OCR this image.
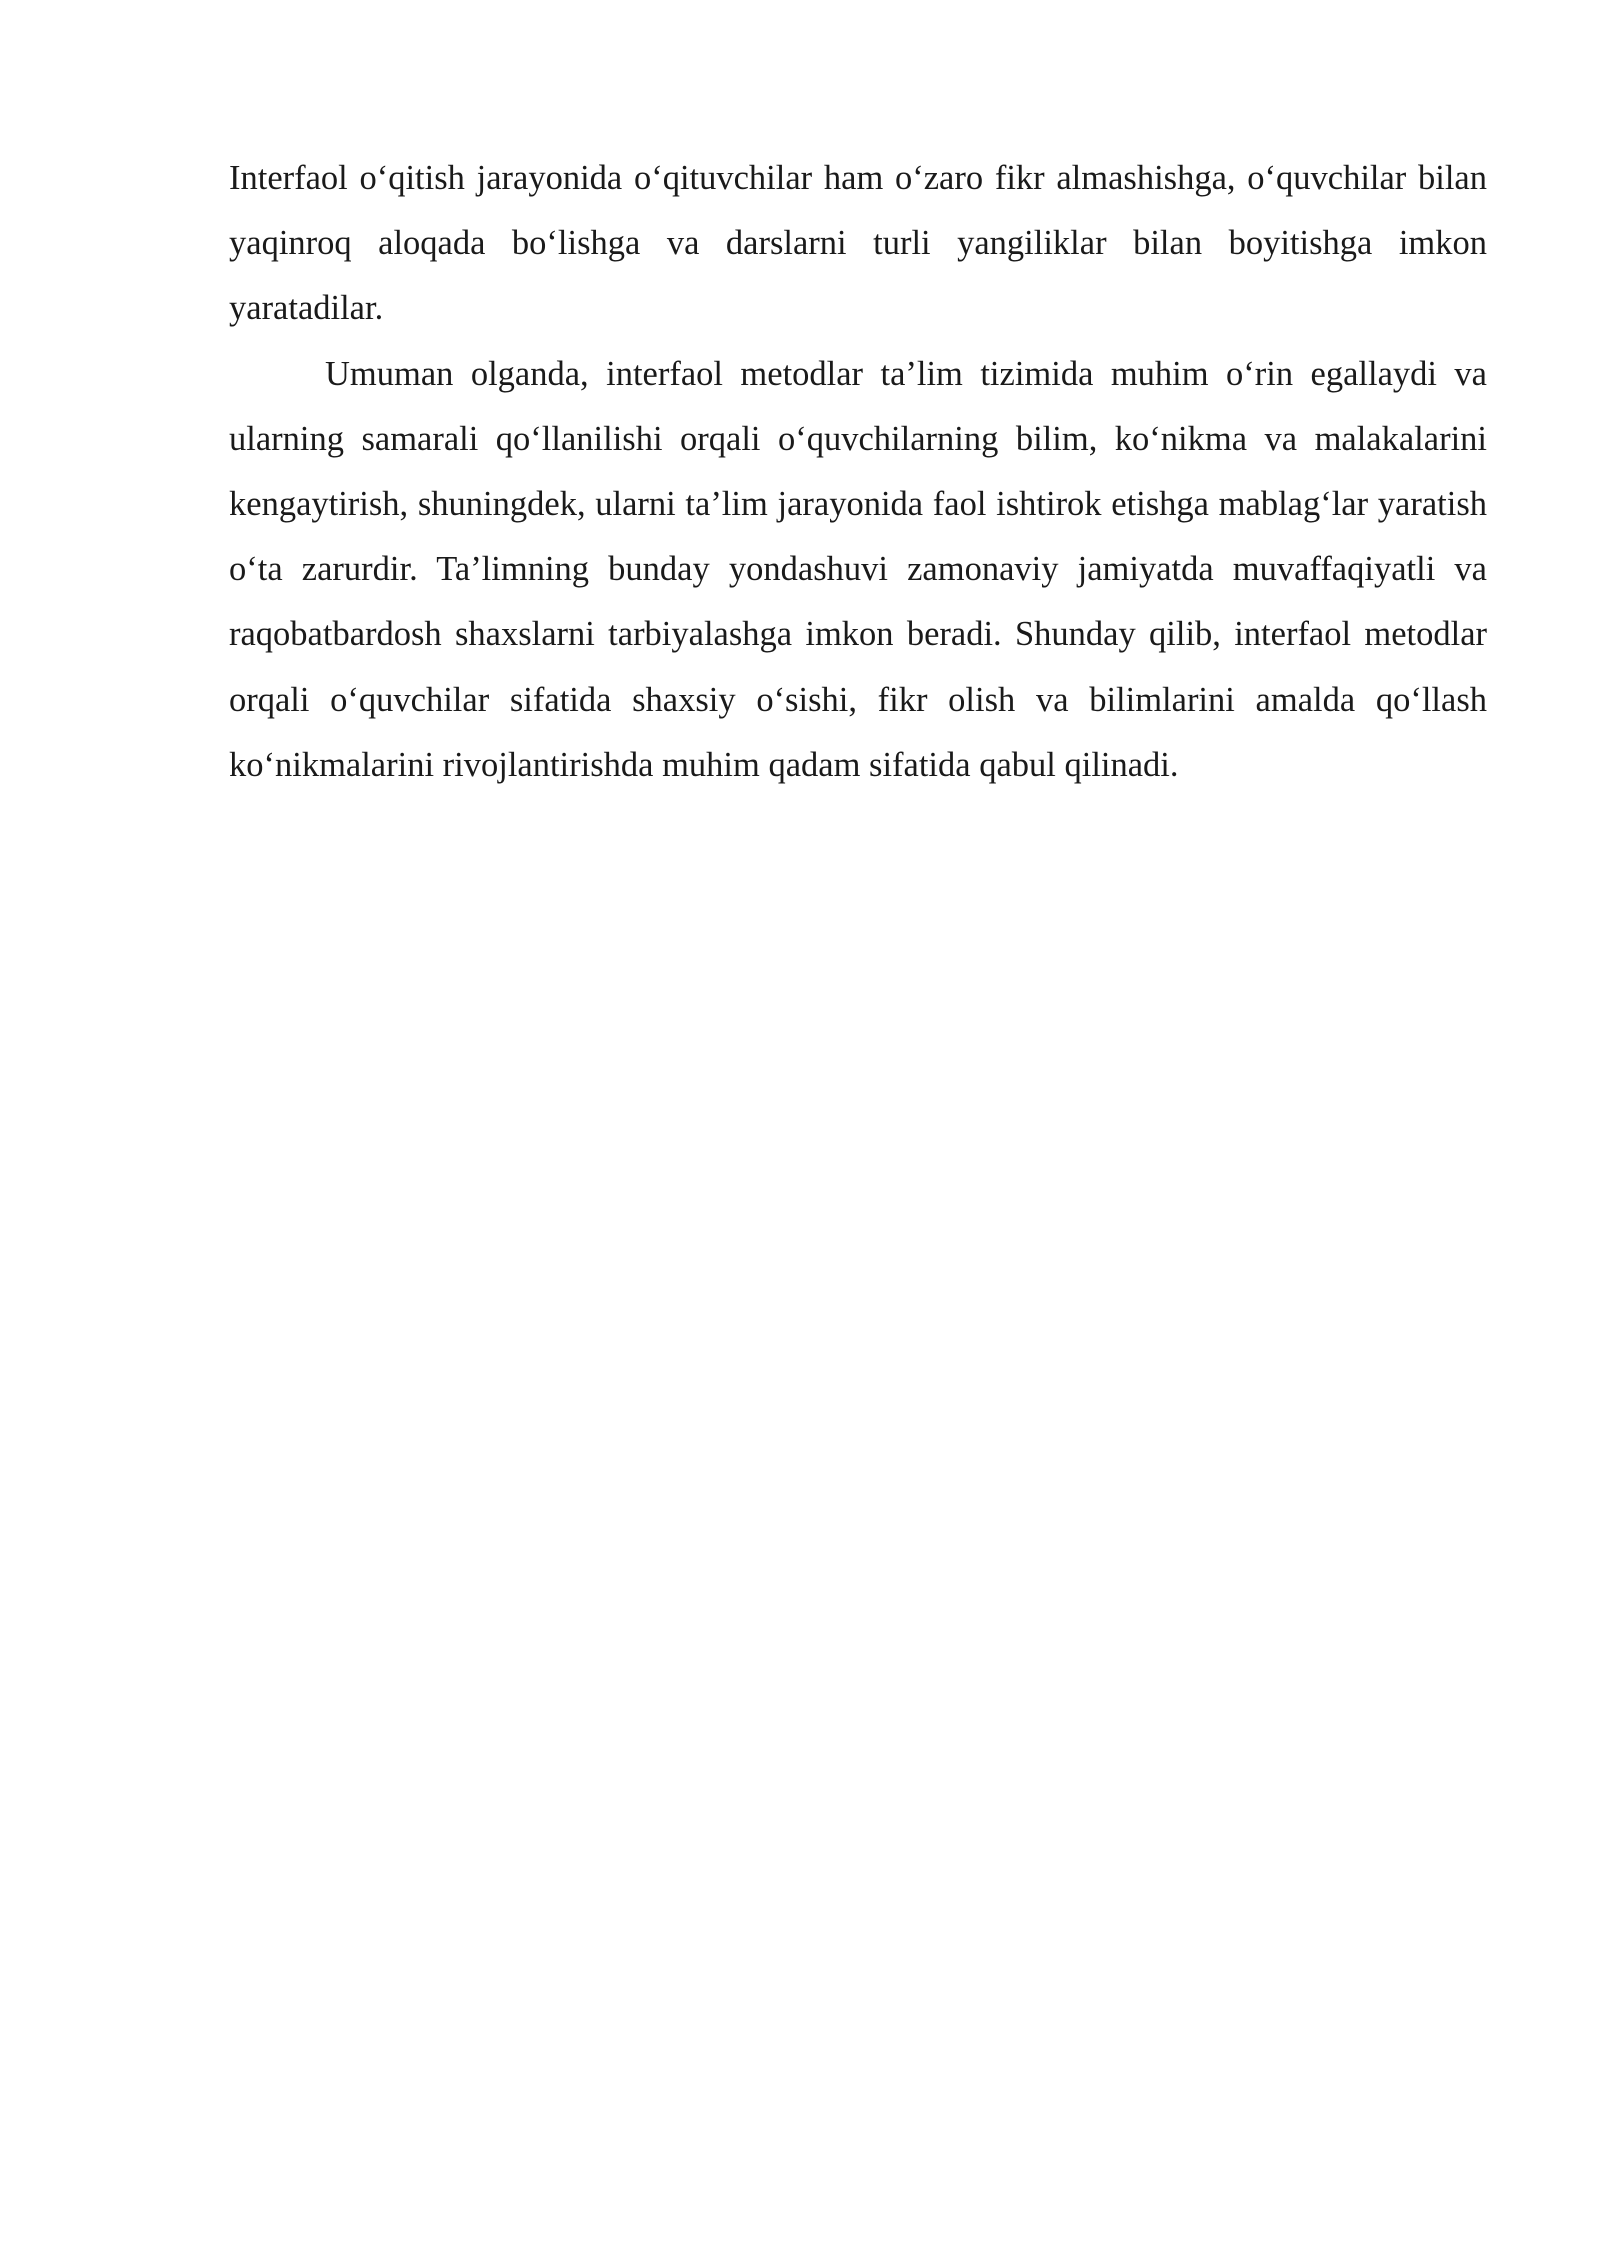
Interfaol o‘qitish jarayonida o‘qituvchilar ham o‘zaro fikr almashishga, o‘quvchilar bilan yaqinroq aloqada bo‘lishga va darslarni turli yangiliklar bilan boyitishga imkon yaratadilar.

Umuman olganda, interfaol metodlar ta’lim tizimida muhim o‘rin egallaydi va ularning samarali qo‘llanilishi orqali o‘quvchilarning bilim, ko‘nikma va malakalarini kengaytirish, shuningdek, ularni ta’lim jarayonida faol ishtirok etishga mablag‘lar yaratish o‘ta zarurdir. Ta’limning bunday yondashuvi zamonaviy jamiyatda muvaffaqiyatli va raqobatbardosh shaxslarni tarbiyalashga imkon beradi. Shunday qilib, interfaol metodlar orqali o‘quvchilar sifatida shaxsiy o‘sishi, fikr olish va bilimlarini amalda qo‘llash ko‘nikmalarini rivojlantirishda muhim qadam sifatida qabul qilinadi.
